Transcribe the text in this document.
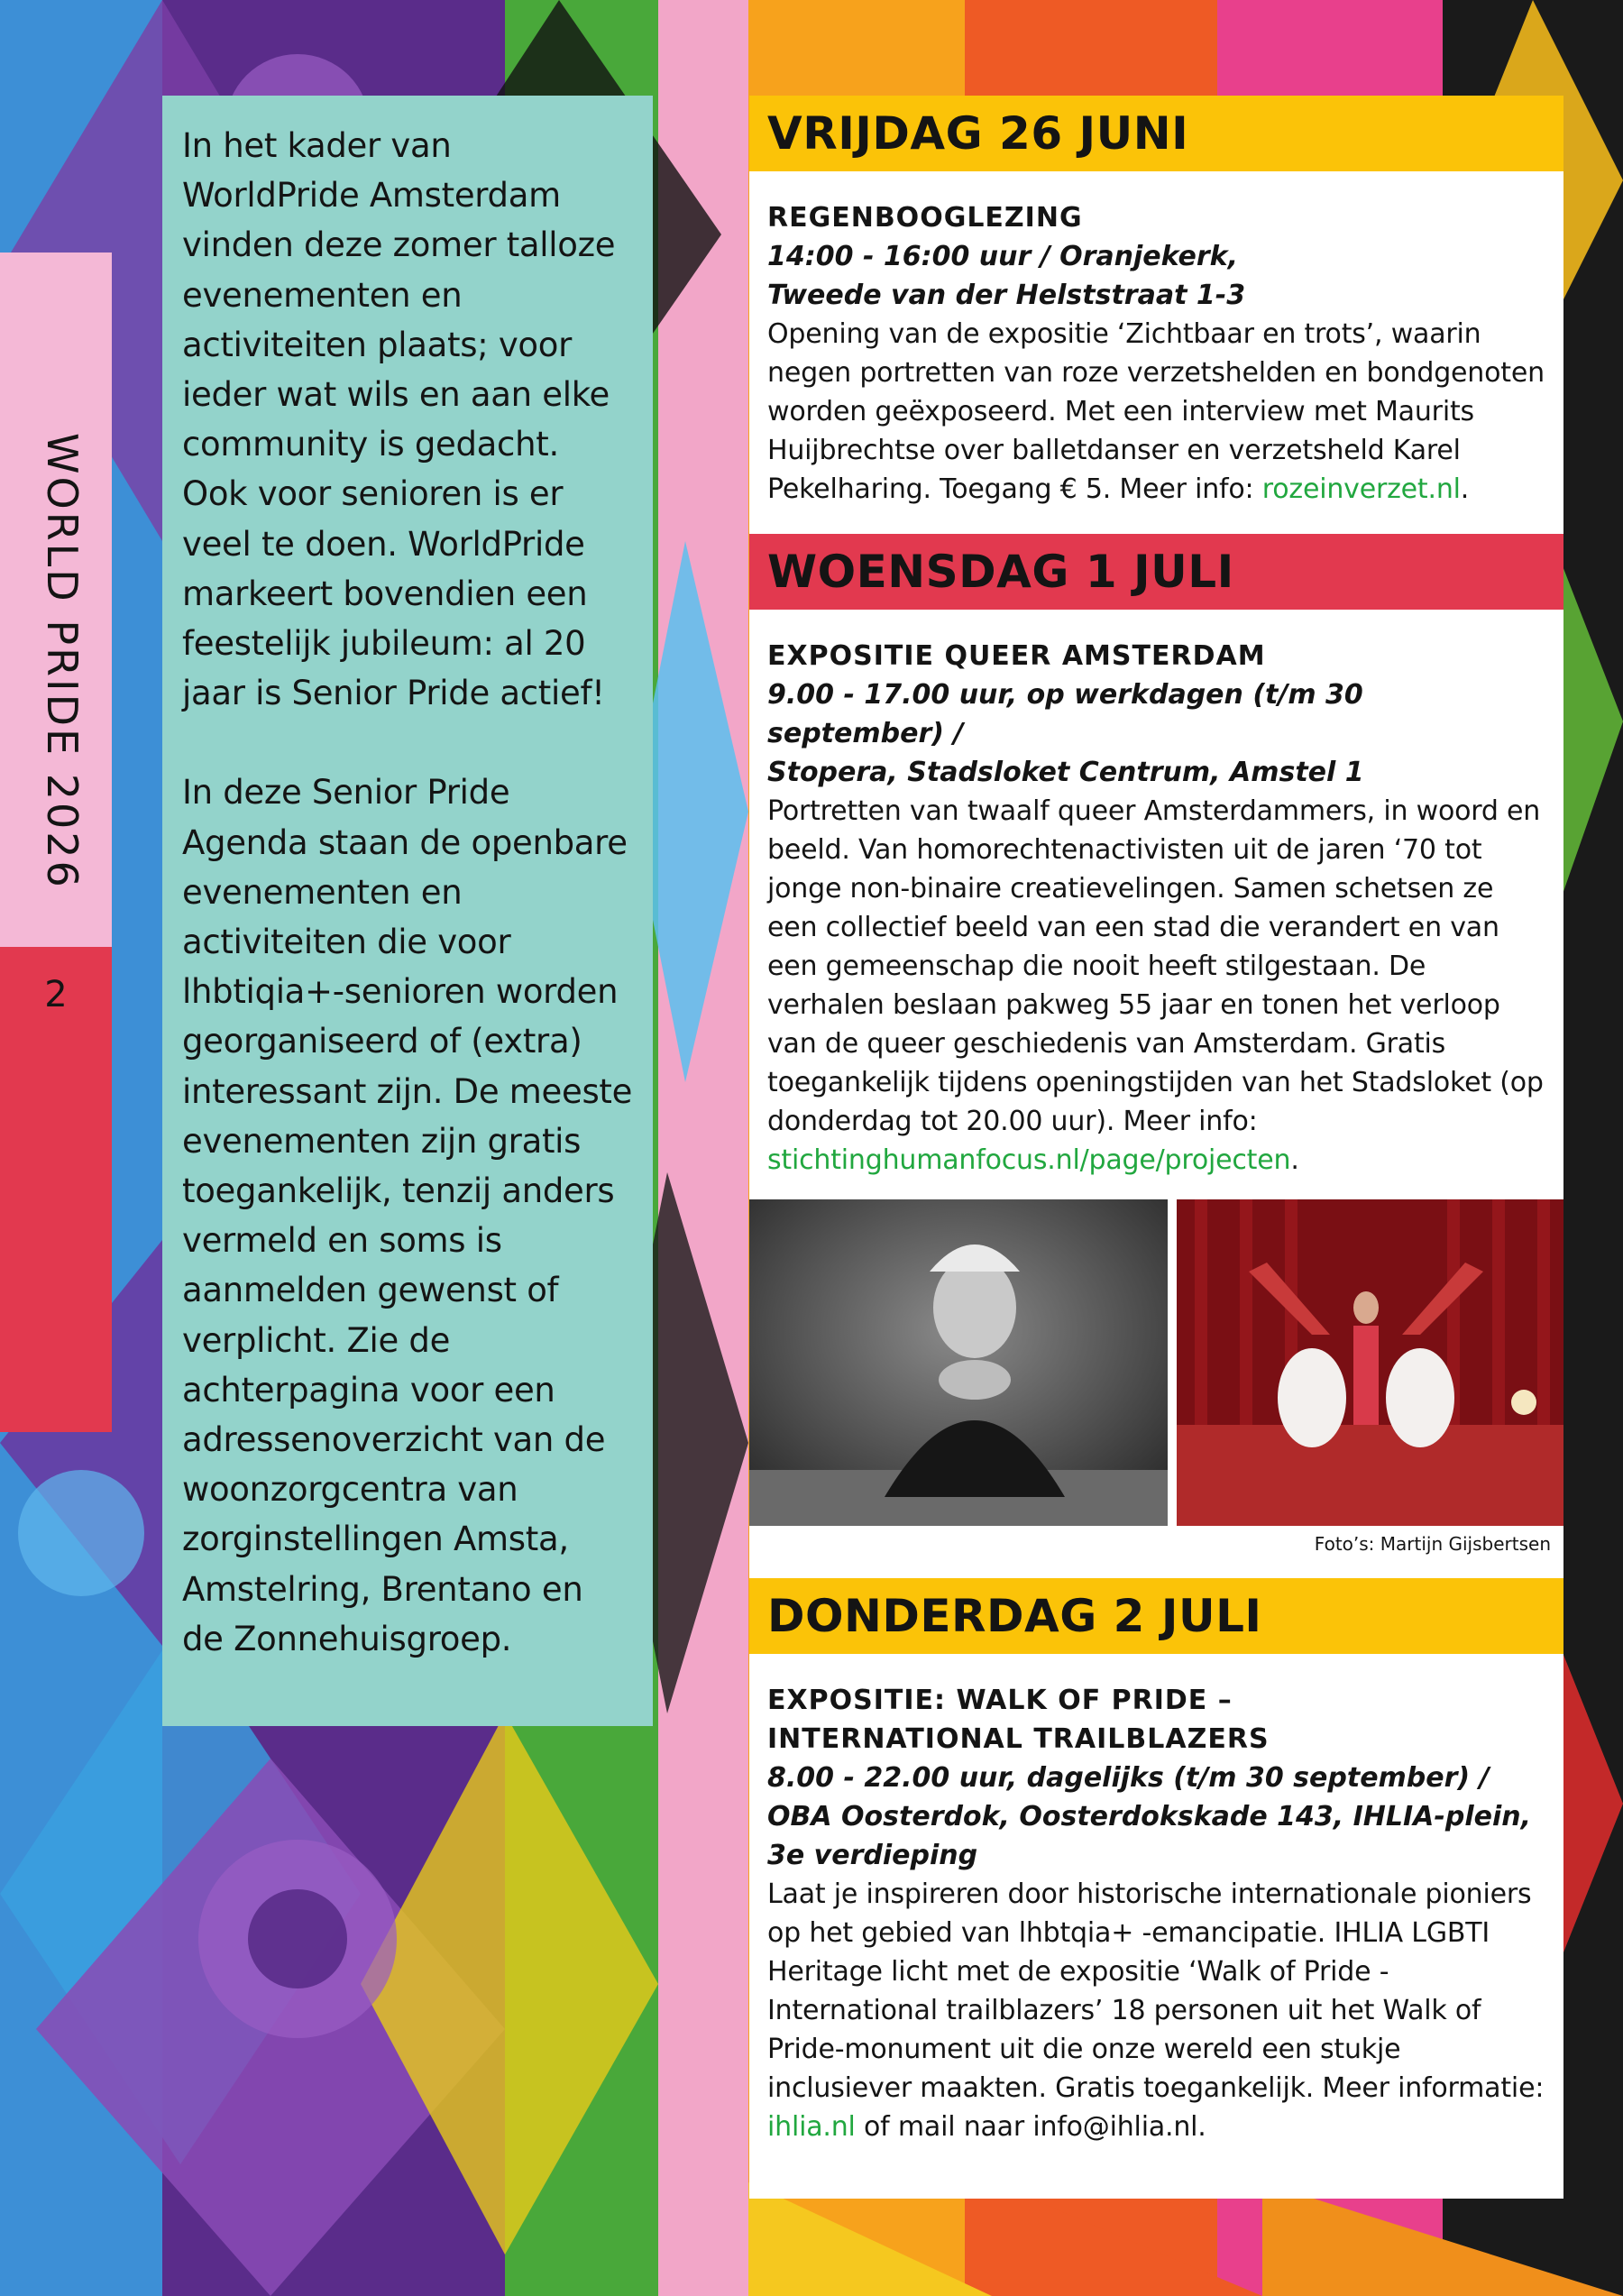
WORLD PRIDE 2026
2

In het kader van WorldPride Amsterdam vinden deze zomer talloze evenementen en activiteiten plaats; voor ieder wat wils en aan elke community is gedacht. Ook voor senioren is er veel te doen. WorldPride markeert bovendien een feestelijk jubileum: al 20 jaar is Senior Pride actief!

In deze Senior Pride Agenda staan de openbare evenementen en activiteiten die voor lhbtiqia+-senioren worden georganiseerd of (extra) interessant zijn. De meeste evenementen zijn gratis toegankelijk, tenzij anders vermeld en soms is aanmelden gewenst of verplicht. Zie de achterpagina voor een adressenoverzicht van de woonzorgcentra van zorginstellingen Amsta, Amstelring, Brentano en de Zonnehuisgroep.

VRIJDAG 26 JUNI
REGENBOOGLEZING
14:00 - 16:00 uur / Oranjekerk,
Tweede van der Helststraat 1-3
Opening van de expositie ‘Zichtbaar en trots’, waarin negen portretten van roze verzetshelden en bondgenoten worden geëxposeerd. Met een interview met Maurits Huijbrechtse over balletdanser en verzetsheld Karel Pekelharing. Toegang € 5. Meer info: rozeinverzet.nl.
WOENSDAG 1 JULI
EXPOSITIE QUEER AMSTERDAM
9.00 - 17.00 uur, op werkdagen (t/m 30 september) /
Stopera, Stadsloket Centrum, Amstel 1
Portretten van twaalf queer Amsterdammers, in woord en beeld. Van homorechtenactivisten uit de jaren ‘70 tot jonge non-binaire creatievelingen. Samen schetsen ze een collectief beeld van een stad die verandert en van een gemeenschap die nooit heeft stilgestaan. De verhalen beslaan pakweg 55 jaar en tonen het verloop van de queer geschiedenis van Amsterdam. Gratis toegankelijk tijdens openingstijden van het Stadsloket (op donderdag tot 20.00 uur). Meer info: stichtinghumanfocus.nl/page/projecten.
Foto’s: Martijn Gijsbertsen
DONDERDAG 2 JULI
EXPOSITIE: WALK OF PRIDE –
INTERNATIONAL TRAILBLAZERS
8.00 - 22.00 uur, dagelijks (t/m 30 september) /
OBA Oosterdok, Oosterdokskade 143, IHLIA-plein,
3e verdieping
Laat je inspireren door historische internationale pioniers op het gebied van lhbtqia+ -emancipatie. IHLIA LGBTI Heritage licht met de expositie ‘Walk of Pride - International trailblazers’ 18 personen uit het Walk of Pride-monument uit die onze wereld een stukje inclusiever maakten. Gratis toegankelijk. Meer informatie: ihlia.nl of mail naar info@ihlia.nl.
